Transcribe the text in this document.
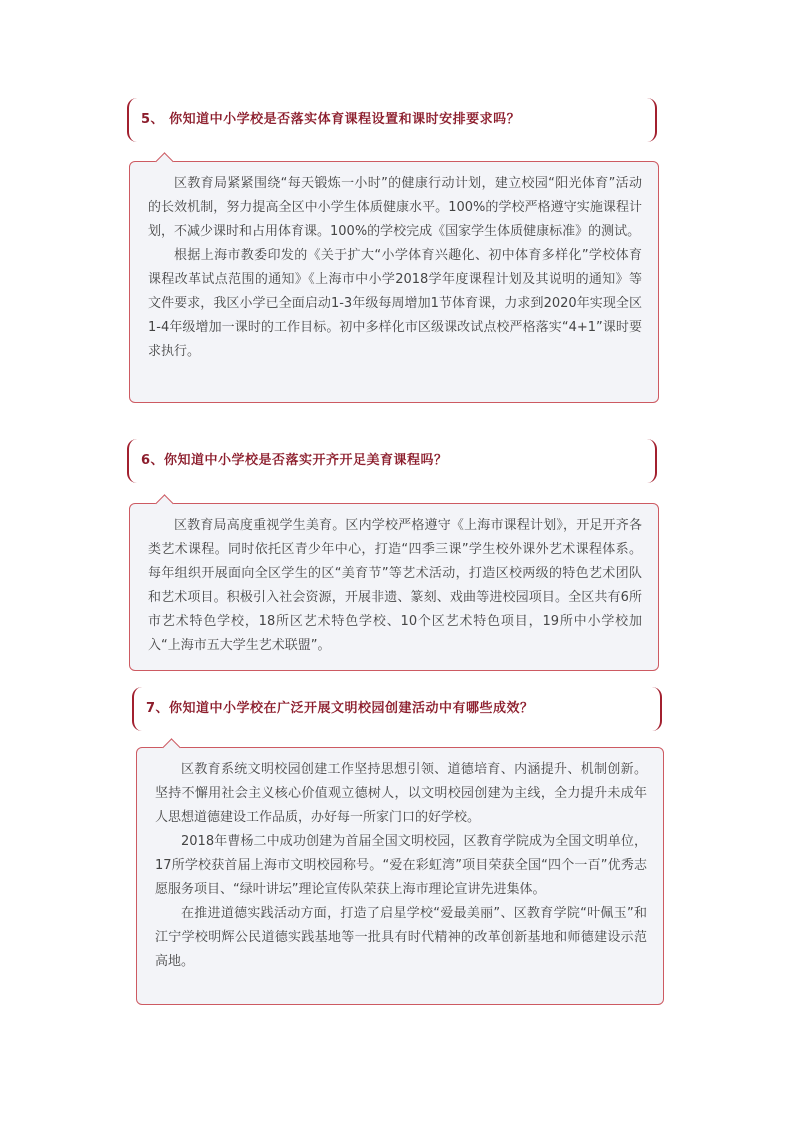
5、 你知道中小学校是否落实体育课程设置和课时安排要求吗？

区教育局紧紧围绕“每天锻炼一小时”的健康行动计划，建立校园“阳光体育”活动的长效机制，努力提高全区中小学生体质健康水平。100%的学校严格遵守实施课程计划，不减少课时和占用体育课。100%的学校完成《国家学生体质健康标准》的测试。

根据上海市教委印发的《关于扩大“小学体育兴趣化、初中体育多样化”学校体育课程改革试点范围的通知》《上海市中小学2018学年度课程计划及其说明的通知》等文件要求，我区小学已全面启动1-3年级每周增加1节体育课，力求到2020年实现全区1-4年级增加一课时的工作目标。初中多样化市区级课改试点校严格落实“4+1”课时要求执行。

6、你知道中小学校是否落实开齐开足美育课程吗？

区教育局高度重视学生美育。区内学校严格遵守《上海市课程计划》，开足开齐各类艺术课程。同时依托区青少年中心，打造“四季三课”学生校外课外艺术课程体系。每年组织开展面向全区学生的区“美育节”等艺术活动，打造区校两级的特色艺术团队和艺术项目。积极引入社会资源，开展非遗、篆刻、戏曲等进校园项目。全区共有6所市艺术特色学校，18所区艺术特色学校、10个区艺术特色项目，19所中小学校加入“上海市五大学生艺术联盟”。

7、你知道中小学校在广泛开展文明校园创建活动中有哪些成效？

区教育系统文明校园创建工作坚持思想引领、道德培育、内涵提升、机制创新。坚持不懈用社会主义核心价值观立德树人，以文明校园创建为主线，全力提升未成年人思想道德建设工作品质，办好每一所家门口的好学校。

2018年曹杨二中成功创建为首届全国文明校园，区教育学院成为全国文明单位，17所学校获首届上海市文明校园称号。“爱在彩虹湾”项目荣获全国“四个一百”优秀志愿服务项目、“绿叶讲坛”理论宣传队荣获上海市理论宣讲先进集体。

在推进道德实践活动方面，打造了启星学校“爱最美丽”、区教育学院“叶佩玉”和江宁学校明辉公民道德实践基地等一批具有时代精神的改革创新基地和师德建设示范高地。
